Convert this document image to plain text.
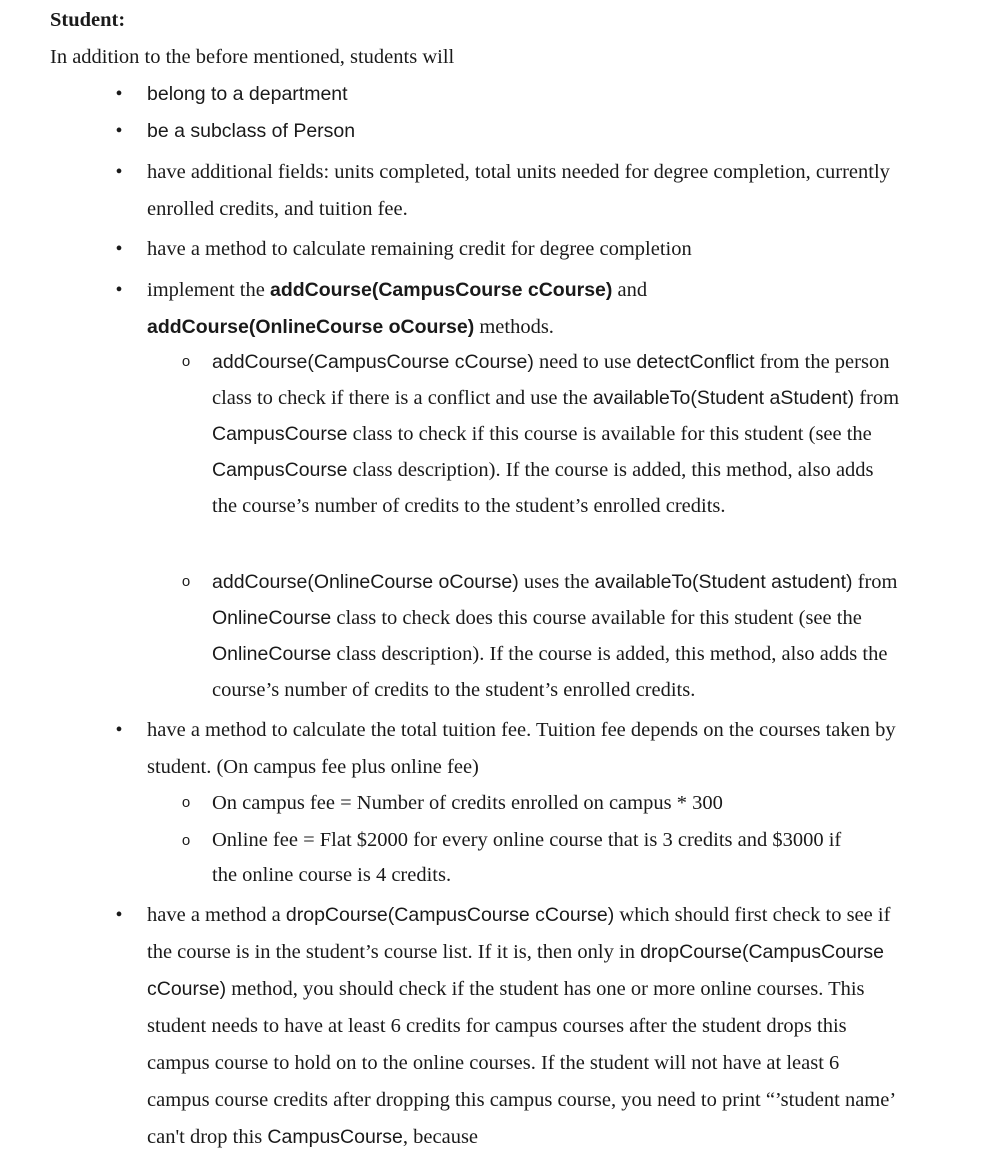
Student:
In addition to the before mentioned, students will
• belong to a department
• be a subclass of Person
• have additional fields: units completed, total units needed for degree completion, currently enrolled credits, and tuition fee.
• have a method to calculate remaining credit for degree completion
• implement the addCourse(CampusCourse cCourse) and
addCourse(OnlineCourse oCourse) methods.
o addCourse(CampusCourse cCourse) need to use detectConflict from the person class to check if there is a conflict and use the availableTo(Student aStudent) from CampusCourse class to check if this course is available for this student (see the CampusCourse class description). If the course is added, this method, also adds the course’s number of credits to the student’s enrolled credits.
o addCourse(OnlineCourse oCourse) uses the availableTo(Student astudent) from OnlineCourse class to check does this course available for this student (see the OnlineCourse class description). If the course is added, this method, also adds the course’s number of credits to the student’s enrolled credits.
• have a method to calculate the total tuition fee. Tuition fee depends on the courses taken by student. (On campus fee plus online fee)
o On campus fee = Number of credits enrolled on campus * 300
o Online fee = Flat $2000 for every online course that is 3 credits and $3000 if the online course is 4 credits.
• have a method a dropCourse(CampusCourse cCourse) which should first check to see if the course is in the student’s course list. If it is, then only in dropCourse(CampusCourse cCourse) method, you should check if the student has one or more online courses. This student needs to have at least 6 credits for campus courses after the student drops this campus course to hold on to the online courses. If the student will not have at least 6 campus course credits after dropping this campus course, you need to print “’student name’ can't drop this CampusCourse, because
